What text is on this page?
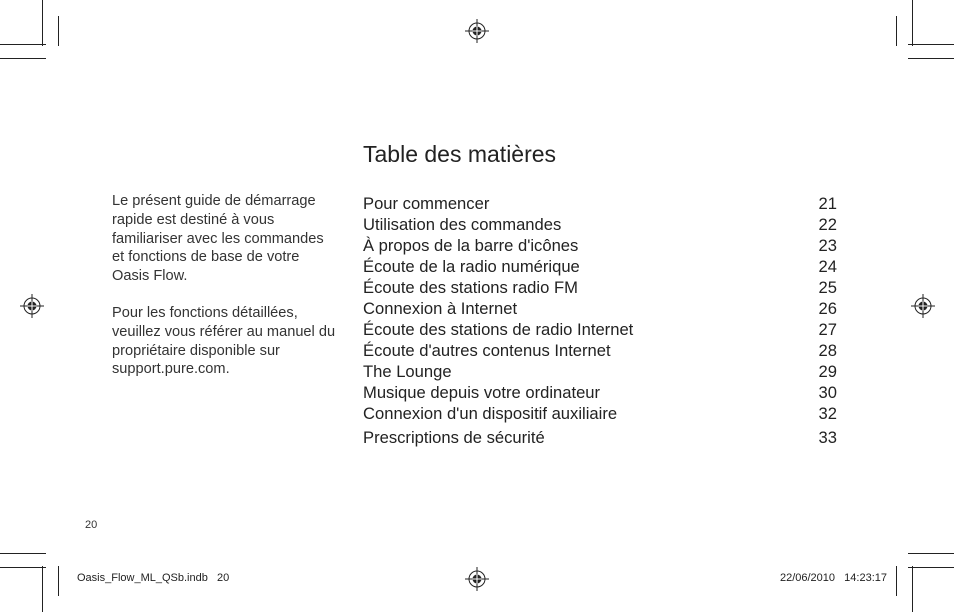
Le présent guide de démarrage rapide est destiné à vous familiariser avec les commandes et fonctions de base de votre Oasis Flow.

Pour les fonctions détaillées, veuillez vous référer au manuel du propriétaire disponible sur support.pure.com.

Table des matières
Pour commencer	21
Utilisation des commandes	22
À propos de la barre d'icônes	23
Écoute de la radio numérique	24
Écoute des stations radio FM	25
Connexion à Internet	26
Écoute des stations de radio Internet	27
Écoute d'autres contenus Internet	28
The Lounge	29
Musique depuis votre ordinateur	30
Connexion d'un dispositif auxiliaire	32
Prescriptions de sécurité	33
20
Oasis_Flow_ML_QSb.indb   20	22/06/2010   14:23:17
